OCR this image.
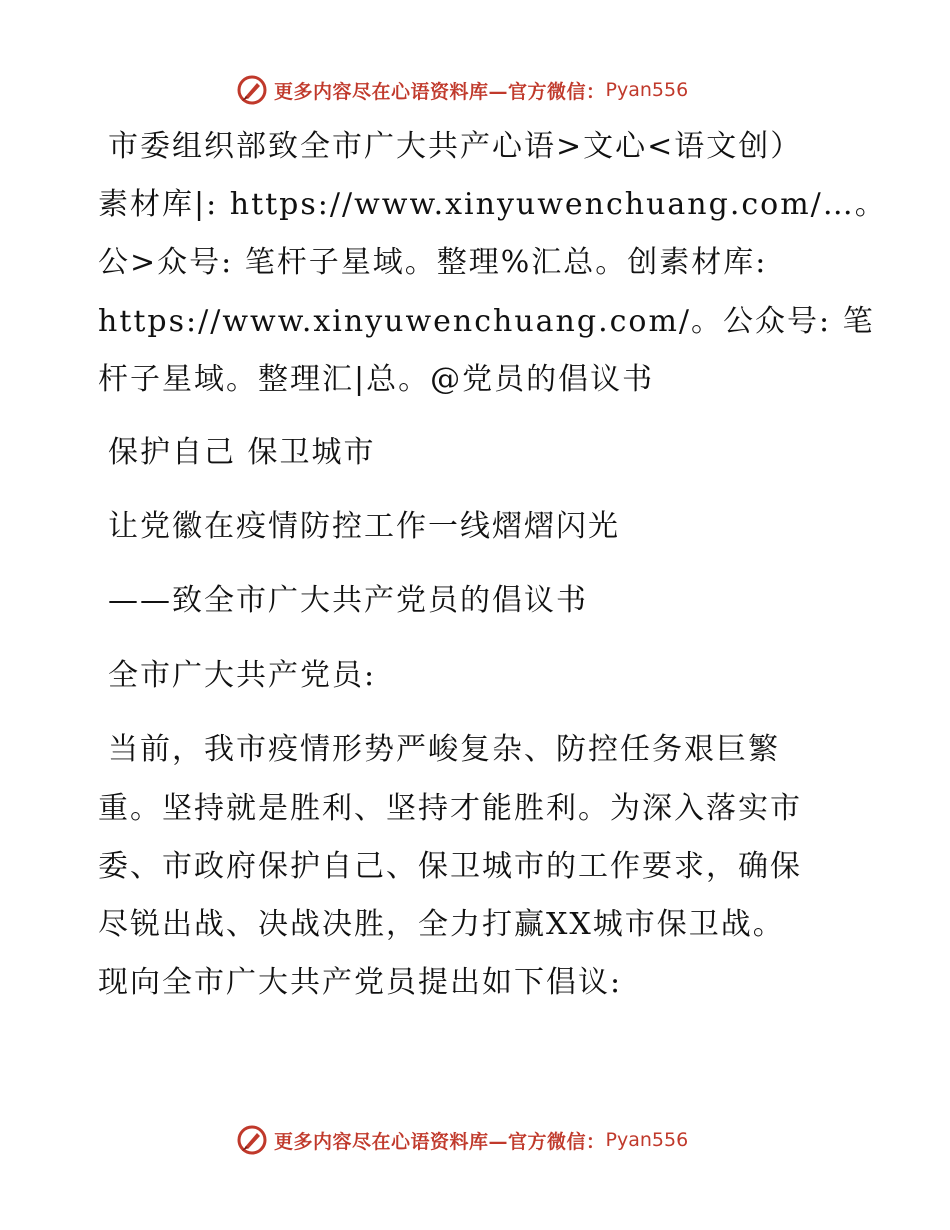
更多内容尽在心语资料库—官方微信： Pyan556
市委组织部致全市广大共产心语>文心<语文创）
素材库|: https://www.xinyuwenchuang.com/…。
公>众号: 笔杆子星域。整理%汇总。创素材库:
https://www.xinyuwenchuang.com/。公众号: 笔
杆子星域。整理汇|总。@党员的倡议书
保护自己 保卫城市
让党徽在疫情防控工作一线熠熠闪光
——致全市广大共产党员的倡议书
全市广大共产党员:
当前，我市疫情形势严峻复杂、防控任务艰巨繁
重。坚持就是胜利、坚持才能胜利。为深入落实市
委、市政府保护自己、保卫城市的工作要求，确保
尽锐出战、决战决胜，全力打赢XX城市保卫战。
现向全市广大共产党员提出如下倡议:
更多内容尽在心语资料库—官方微信： Pyan556
